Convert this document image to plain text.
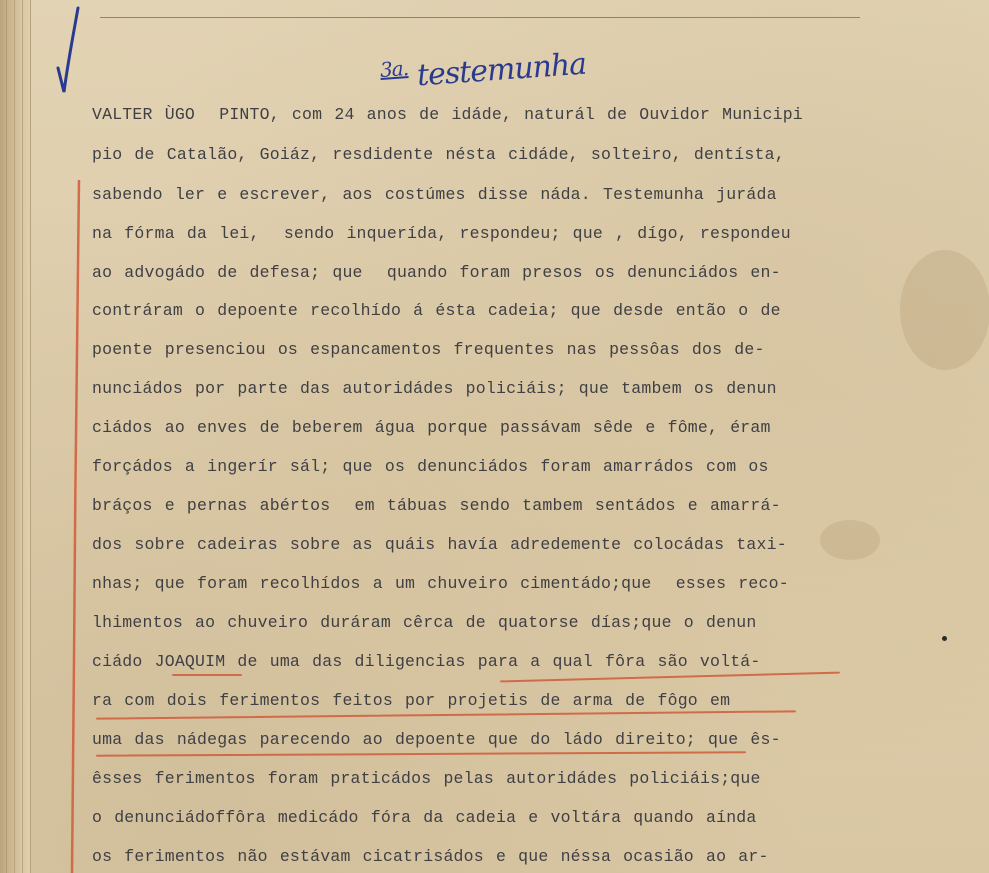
$^{3a.}$ testemunha
VALTER ÙGO  PINTO, com 24 anos de idáde, naturál de Ouvidor Municipi
pio de Catalão, Goiáz, resdidente nésta cidáde, solteiro, dentísta,
sabendo ler e escrever, aos costúmes disse náda. Testemunha juráda
na fórma da lei,  sendo inquerída, respondeu; que , dígo, respondeu
ao advogádo de defesa; que  quando foram presos os denunciádos en-
contráram o depoente recolhído á ésta cadeia; que desde então o de
poente presenciou os espancamentos frequentes nas pessôas dos de-
nunciádos por parte das autoridádes policiáis; que tambem os denun
ciádos ao enves de beberem água porque passávam sêde e fôme, éram
forçádos a ingerír sál; que os denunciádos foram amarrádos com os
bráços e pernas abértos  em tábuas sendo tambem sentádos e amarrá-
dos sobre cadeiras sobre as quáis havía adredemente colocádas taxi-
nhas; que foram recolhídos a um chuveiro cimentádo;que  esses reco-
lhimentos ao chuveiro duráram cêrca de quatorse días;que o denun
ciádo JOAQUIM de uma das diligencias para a qual fôra são voltá-
ra com dois ferimentos feitos por projetis de arma de fôgo em
uma das nádegas parecendo ao depoente que do ládo direito; que ês-
êsses ferimentos foram praticádos pelas autoridádes policiáis;que
o denunciádoffôra medicádo fóra da cadeia e voltára quando aínda
os ferimentos não estávam cicatrisádos e que néssa ocasião ao ar-
